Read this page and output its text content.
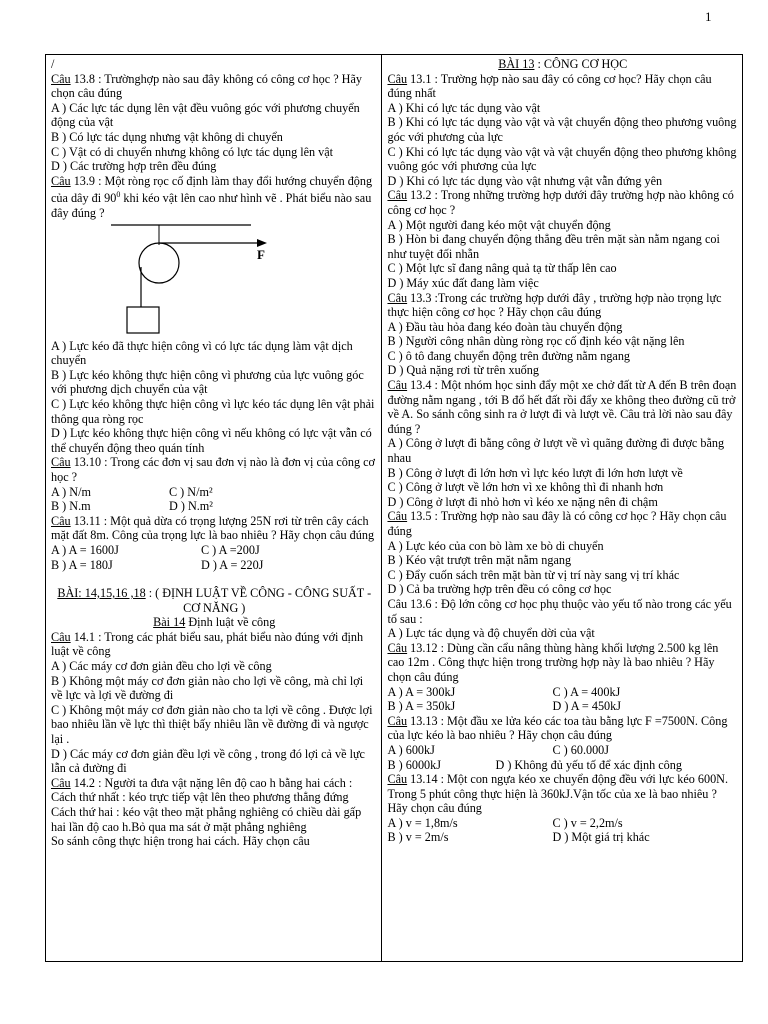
1
/
Câu 13.8 : Trườnghợp nào sau đây không có công cơ học ? Hãy chọn câu đúng
A ) Các lực tác dụng lên vật đều vuông góc với phương chuyển động của vật
B ) Có lực tác dụng nhưng vật không di chuyển
C ) Vật có di chuyển nhưng không có lực tác dụng lên vật
D ) Các trường hợp trên đều đúng
Câu 13.9 : Một ròng rọc cố định làm thay đổi hướng chuyển động của dây đi $90^0$ khi kéo vật lên cao như hình vẽ . Phát biểu nào sau đây đúng ?
F
A ) Lực kéo đã thực hiện công vì có lực tác dụng làm vật dịch chuyển
B ) Lực kéo không thực hiện công vì phương của lực vuông góc với phương dịch chuyển của vật
C ) Lực kéo không thực hiện công vì lực kéo tác dụng lên vật phải thông qua ròng rọc
D ) Lực kéo không thực hiện công vì nếu không có lực vật vẫn có thể chuyển động theo quán tính
Câu 13.10 : Trong các đơn vị sau đơn vị nào là đơn vị của công cơ học ?
A ) N/m	C ) N/m²
B ) N.m	D ) N.m²
Câu 13.11 : Một quả dừa có trọng lượng 25N rơi từ trên cây cách mặt đất 8m. Công của trọng lực là bao nhiêu ? Hãy chọn câu đúng
A ) A = 1600J	C ) A =200J
B ) A = 180J	D ) A = 220J
BÀI: 14,15,16 ,18 : ( ĐỊNH LUẬT VỀ CÔNG - CÔNG SUẤT - CƠ NĂNG )
Bài 14 Định luật về công
Câu 14.1 : Trong các phát biểu sau, phát biểu nào đúng với định luật về công
A ) Các máy cơ đơn giản đều cho lợi về công
B ) Không một máy cơ đơn giản nào cho lợi về công, mà chỉ lợi về lực và lợi về đường đi
C ) Không một máy cơ đơn giản nào cho ta lợi về công . Được lợi bao nhiêu lần về lực thì thiệt bấy nhiêu lần về đường đi và ngược lại .
D ) Các máy cơ đơn giản đều lợi về công , trong đó lợi cả về lực lẫn cả đường đi
Câu 14.2 : Người ta đưa vật nặng lên độ cao h bằng hai cách :
Cách thứ nhất : kéo trực tiếp vật lên theo phương thẳng đứng
Cách thứ hai : kéo vật theo mặt phẳng nghiêng có chiều dài gấp hai lần độ cao h.Bỏ qua ma sát ở mặt phẳng nghiêng
So sánh công thực hiện trong hai cách. Hãy chọn câu

BÀI 13 : CÔNG CƠ HỌC
Câu 13.1 : Trường hợp nào sau đây có công cơ học? Hãy chọn câu đúng nhất
A ) Khi có lực tác dụng vào vật
B ) Khi có lực tác dụng vào vật và vật chuyển động theo phương vuông góc với phương của lực
C ) Khi có lực tác dụng vào vật và vật chuyển động theo phương không vuông góc với phương của lực
D ) Khi có lực tác dụng vào vật nhưng vật vẫn đứng yên
Câu 13.2 : Trong những trường hợp dưới đây trường hợp nào không có công cơ học ?
A ) Một người đang kéo một vật chuyển động
B ) Hòn bi đang chuyển động thẳng đều trên mặt sàn nằm ngang coi như tuyệt đối nhẵn
C ) Một lực sĩ đang nâng quả tạ từ thấp lên cao
D ) Máy xúc đất đang làm việc
Câu 13.3 :Trong các trường hợp dưới đây , trường hợp nào trọng lực thực hiện công cơ học ? Hãy chọn câu đúng
A ) Đầu tàu hỏa đang kéo đoàn tàu chuyển động
B ) Người công nhân dùng ròng rọc cố định kéo vật nặng lên
C ) ô tô đang chuyển động trên đường nằm ngang
D ) Quả nặng rơi từ trên xuống
Câu 13.4 : Một nhóm học sinh đẩy một xe chở đất từ A đến B trên đoạn đường nằm ngang , tới B đổ hết đất rồi đẩy xe không theo đường cũ trở về A. So sánh công sinh ra ở lượt đi và lượt về. Câu trả lời nào sau đây đúng ?
A ) Công ở lượt đi bằng công ở lượt về vì quãng đường đi được bằng nhau
B ) Công ở lượt đi lớn hơn vì lực kéo lượt đi lớn hơn lượt về
C ) Công ở lượt về lớn hơn vì xe không thì đi nhanh hơn
D ) Công ở lượt đi nhỏ hơn vì kéo xe nặng nên đi chậm
Câu 13.5 : Trường hợp nào sau đây là có công cơ học ? Hãy chọn câu đúng
A ) Lực kéo của con bò làm xe bò di chuyển
B ) Kéo vật trượt trên mặt nằm ngang
C ) Đẩy cuốn sách trên mặt bàn từ vị trí này sang vị trí khác
D ) Cả ba trường hợp trên đều có công cơ học
Câu 13.6 : Độ lớn công cơ học phụ thuộc vào yếu tố nào trong các yếu tố sau :
A ) Lực tác dụng và độ chuyển dời của vật
Câu 13.12 : Dùng cần cẩu nâng thùng hàng khối lượng 2.500 kg lên cao 12m . Công thực hiện trong trường hợp này là bao nhiêu ? Hãy chọn câu đúng
A ) A = 300kJ	C ) A = 400kJ
B ) A = 350kJ	D ) A = 450kJ
Câu 13.13 : Một đầu xe lửa kéo các toa tàu bằng lực F =7500N. Công của lực kéo là bao nhiêu ? Hãy chọn câu đúng
A ) 600kJ	C ) 60.000J
B ) 6000kJ	D ) Không đủ yếu tố để xác định công
Câu 13.14 : Một con ngựa kéo xe chuyển động đều với lực kéo 600N. Trong 5 phút công thực hiện là 360kJ.Vận tốc của xe là bao nhiêu ? Hãy chọn câu đúng
A ) v = 1,8m/s	C ) v = 2,2m/s
B ) v = 2m/s	D ) Một giá trị khác
